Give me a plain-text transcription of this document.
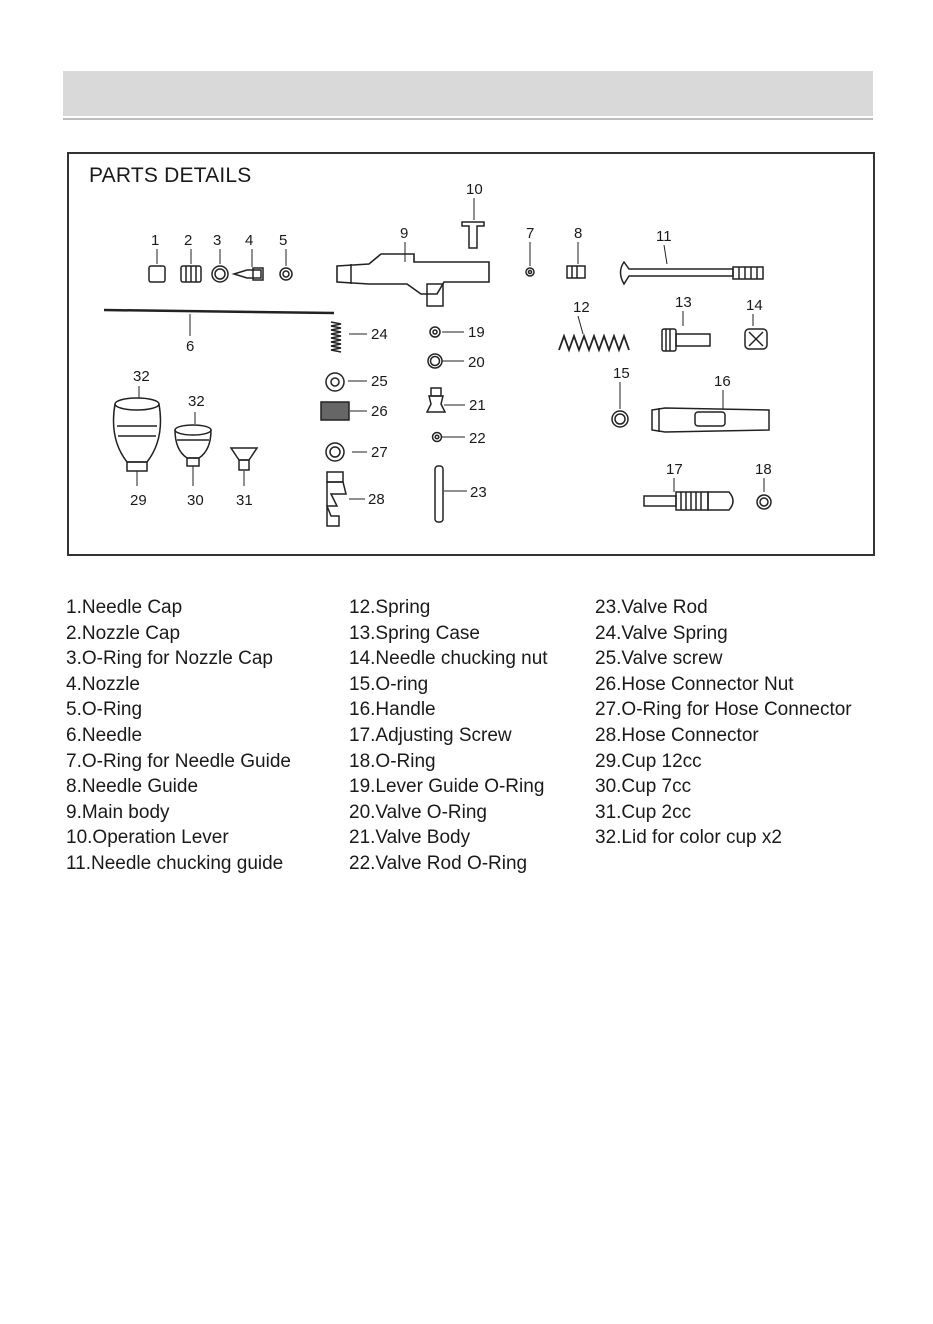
PARTS DETAILS
1 2 3 4 5
6
7	8
9
10
11
12	13	14
15	16
17	18
19
20
21
22
23
24
25
26
27
28
29	30 31
32
32
1.Needle Cap
2.Nozzle Cap
3.O-Ring for Nozzle Cap
4.Nozzle
5.O-Ring
6.Needle
7.O-Ring for Needle Guide
8.Needle Guide
9.Main body
10.Operation Lever
11.Needle chucking guide
12.Spring
13.Spring Case
14.Needle chucking nut
15.O-ring
16.Handle
17.Adjusting Screw
18.O-Ring
19.Lever Guide O-Ring
20.Valve O-Ring
21.Valve Body
22.Valve Rod O-Ring
23.Valve Rod
24.Valve Spring
25.Valve screw
26.Hose Connector Nut
27.O-Ring for Hose Connector
28.Hose Connector
29.Cup 12cc
30.Cup 7cc
31.Cup 2cc
32.Lid for color cup x2
